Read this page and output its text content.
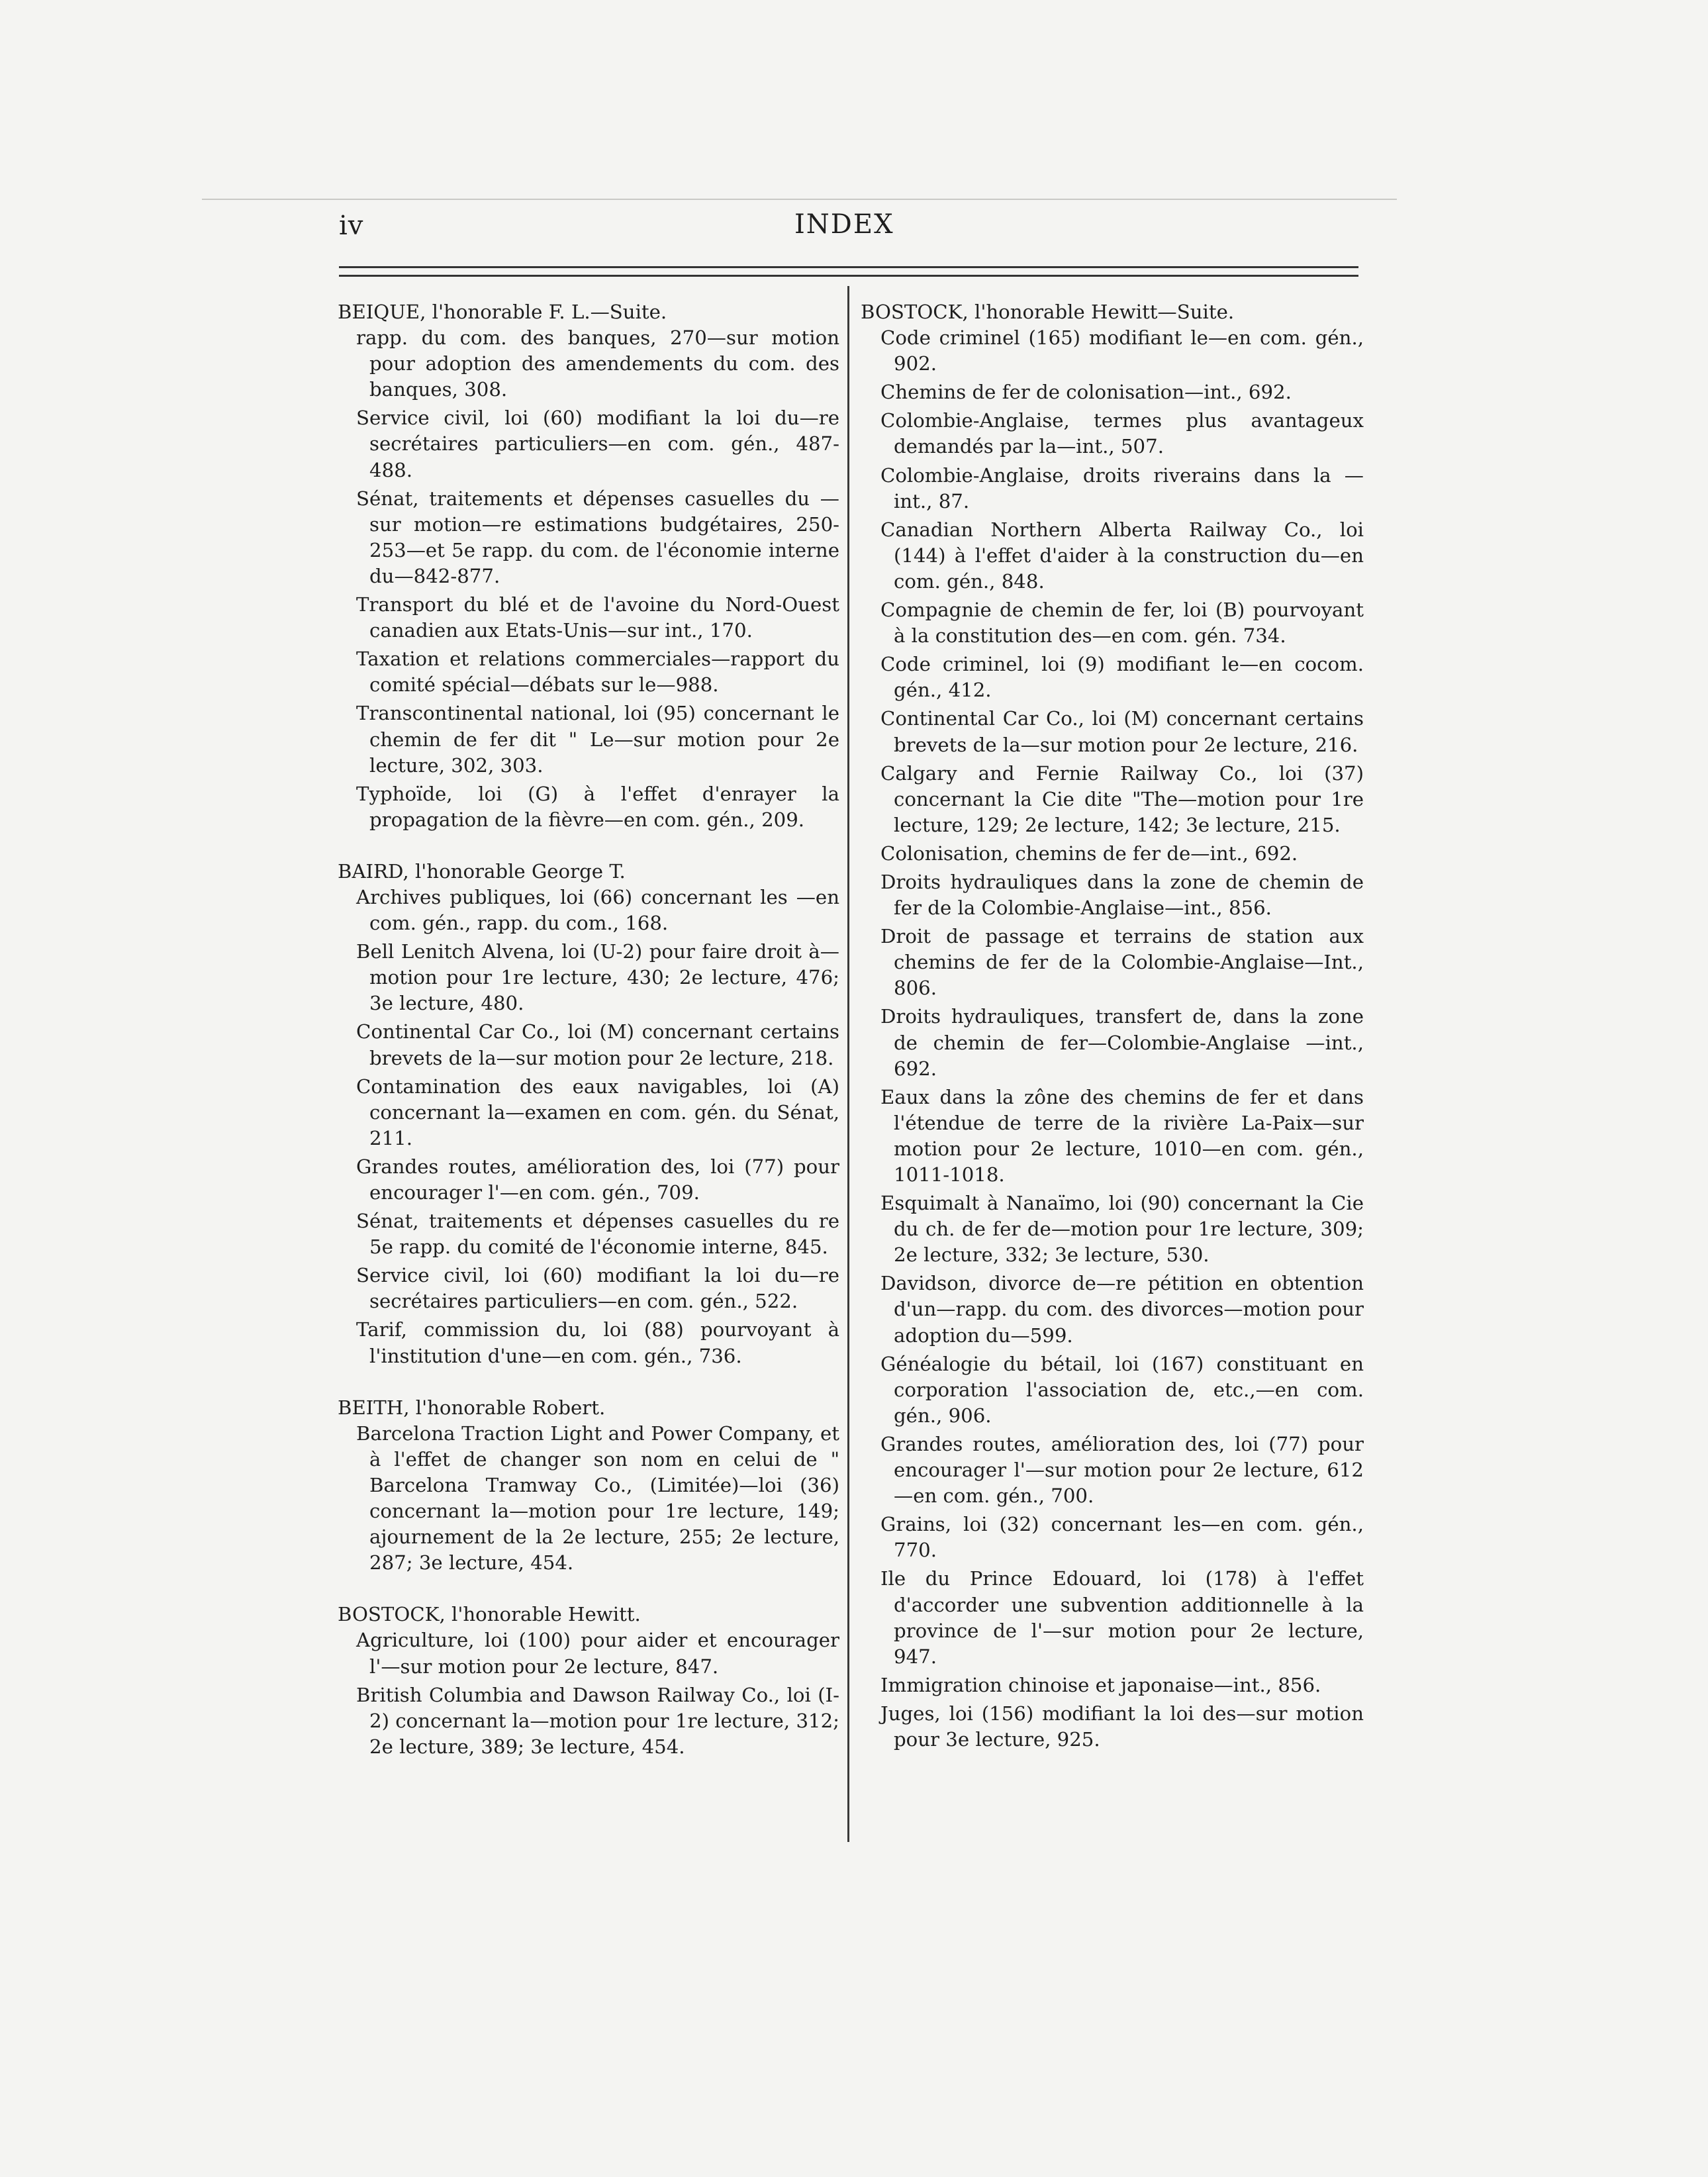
iv	INDEX
BEIQUE, l'honorable F. L.—Suite.
rapp. du com. des banques, 270—sur motion pour adoption des amendements du com. des banques, 308.
Service civil, loi (60) modifiant la loi du—re secrétaires particuliers—en com. gén., 487-488.
Sénat, traitements et dépenses casuelles du —sur motion—re estimations budgétaires, 250-253—et 5e rapp. du com. de l'économie interne du—842-877.
Transport du blé et de l'avoine du Nord-Ouest canadien aux Etats-Unis—sur int., 170.
Taxation et relations commerciales—rapport du comité spécial—débats sur le—988.
Transcontinental national, loi (95) concernant le chemin de fer dit " Le—sur motion pour 2e lecture, 302, 303.
Typhoïde, loi (G) à l'effet d'enrayer la propagation de la fièvre—en com. gén., 209.
BAIRD, l'honorable George T.
Archives publiques, loi (66) concernant les —en com. gén., rapp. du com., 168.
Bell Lenitch Alvena, loi (U-2) pour faire droit à—motion pour 1re lecture, 430; 2e lecture, 476; 3e lecture, 480.
Continental Car Co., loi (M) concernant certains brevets de la—sur motion pour 2e lecture, 218.
Contamination des eaux navigables, loi (A) concernant la—examen en com. gén. du Sénat, 211.
Grandes routes, amélioration des, loi (77) pour encourager l'—en com. gén., 709.
Sénat, traitements et dépenses casuelles du re 5e rapp. du comité de l'économie interne, 845.
Service civil, loi (60) modifiant la loi du—re secrétaires particuliers—en com. gén., 522.
Tarif, commission du, loi (88) pourvoyant à l'institution d'une—en com. gén., 736.
BEITH, l'honorable Robert.
Barcelona Traction Light and Power Company, et à l'effet de changer son nom en celui de " Barcelona Tramway Co., (Limitée)—loi (36) concernant la—motion pour 1re lecture, 149; ajournement de la 2e lecture, 255; 2e lecture, 287; 3e lecture, 454.
BOSTOCK, l'honorable Hewitt.
Agriculture, loi (100) pour aider et encourager l'—sur motion pour 2e lecture, 847.
British Columbia and Dawson Railway Co., loi (I-2) concernant la—motion pour 1re lecture, 312; 2e lecture, 389; 3e lecture, 454.
BOSTOCK, l'honorable Hewitt—Suite.
Code criminel (165) modifiant le—en com. gén., 902.
Chemins de fer de colonisation—int., 692.
Colombie-Anglaise, termes plus avantageux demandés par la—int., 507.
Colombie-Anglaise, droits riverains dans la —int., 87.
Canadian Northern Alberta Railway Co., loi (144) à l'effet d'aider à la construction du—en com. gén., 848.
Compagnie de chemin de fer, loi (B) pourvoyant à la constitution des—en com. gén. 734.
Code criminel, loi (9) modifiant le—en cocom. gén., 412.
Continental Car Co., loi (M) concernant certains brevets de la—sur motion pour 2e lecture, 216.
Calgary and Fernie Railway Co., loi (37) concernant la Cie dite "The—motion pour 1re lecture, 129; 2e lecture, 142; 3e lecture, 215.
Colonisation, chemins de fer de—int., 692.
Droits hydrauliques dans la zone de chemin de fer de la Colombie-Anglaise—int., 856.
Droit de passage et terrains de station aux chemins de fer de la Colombie-Anglaise—Int., 806.
Droits hydrauliques, transfert de, dans la zone de chemin de fer—Colombie-Anglaise —int., 692.
Eaux dans la zône des chemins de fer et dans l'étendue de terre de la rivière La-Paix—sur motion pour 2e lecture, 1010—en com. gén., 1011-1018.
Esquimalt à Nanaïmo, loi (90) concernant la Cie du ch. de fer de—motion pour 1re lecture, 309; 2e lecture, 332; 3e lecture, 530.
Davidson, divorce de—re pétition en obtention d'un—rapp. du com. des divorces—motion pour adoption du—599.
Généalogie du bétail, loi (167) constituant en corporation l'association de, etc.,—en com. gén., 906.
Grandes routes, amélioration des, loi (77) pour encourager l'—sur motion pour 2e lecture, 612—en com. gén., 700.
Grains, loi (32) concernant les—en com. gén., 770.
Ile du Prince Edouard, loi (178) à l'effet d'accorder une subvention additionnelle à la province de l'—sur motion pour 2e lecture, 947.
Immigration chinoise et japonaise—int., 856.
Juges, loi (156) modifiant la loi des—sur motion pour 3e lecture, 925.
